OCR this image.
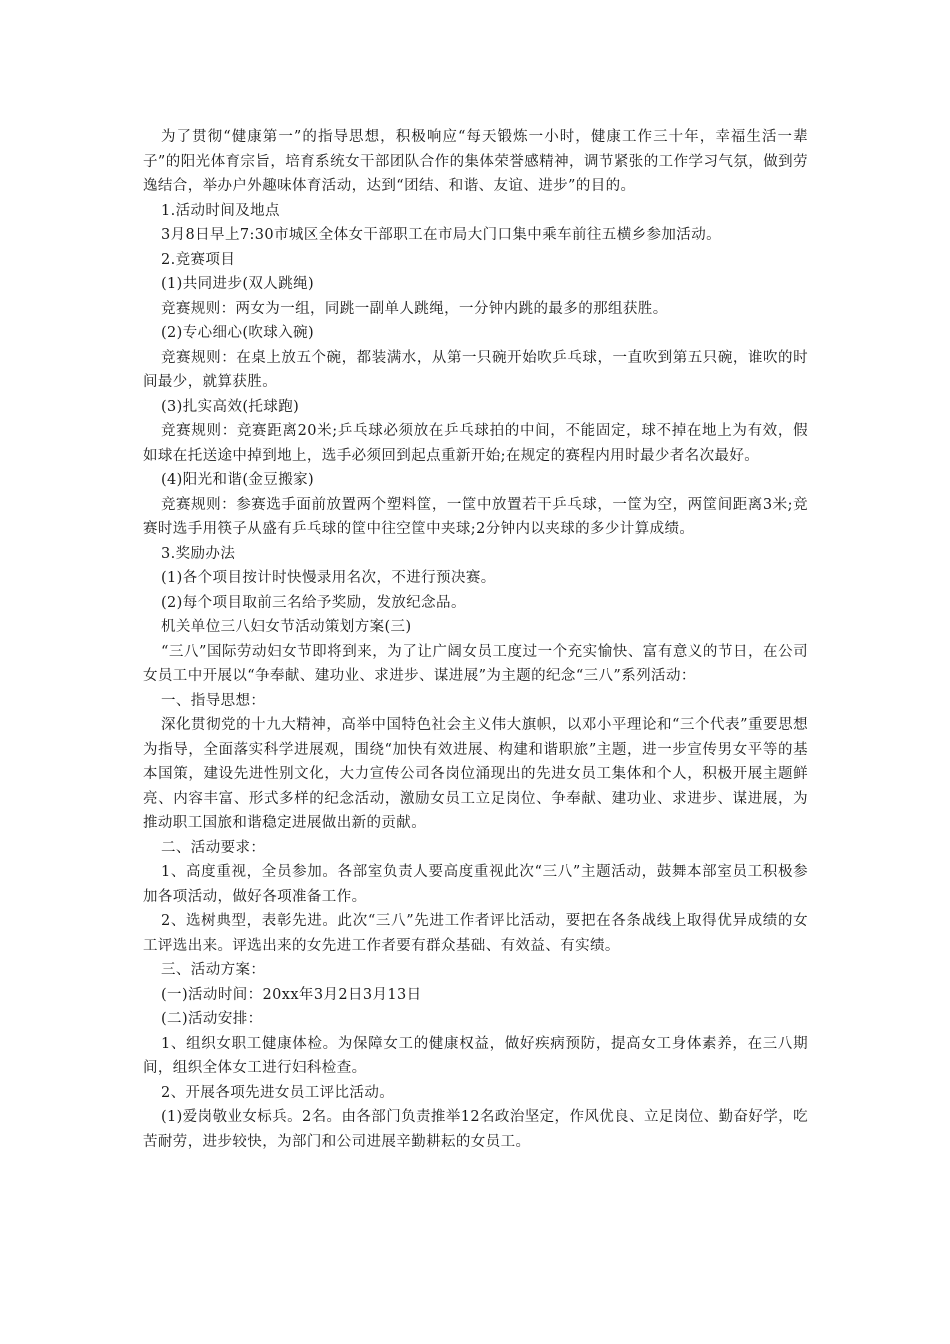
为了贯彻“健康第一”的指导思想，积极响应“每天锻炼一小时，健康工作三十年，幸福生活一辈子”的阳光体育宗旨，培育系统女干部团队合作的集体荣誉感精神，调节紧张的工作学习气氛，做到劳逸结合，举办户外趣味体育活动，达到“团结、和谐、友谊、进步”的目的。

1.活动时间及地点

3月8日早上7:30市城区全体女干部职工在市局大门口集中乘车前往五横乡参加活动。

2.竞赛项目

(1)共同进步(双人跳绳)

竞赛规则：两女为一组，同跳一副单人跳绳，一分钟内跳的最多的那组获胜。

(2)专心细心(吹球入碗)

竞赛规则：在桌上放五个碗，都装满水，从第一只碗开始吹乒乓球，一直吹到第五只碗，谁吹的时间最少，就算获胜。

(3)扎实高效(托球跑)

竞赛规则：竞赛距离20米;乒乓球必须放在乒乓球拍的中间，不能固定，球不掉在地上为有效，假如球在托送途中掉到地上，选手必须回到起点重新开始;在规定的赛程内用时最少者名次最好。

(4)阳光和谐(金豆搬家)

竞赛规则：参赛选手面前放置两个塑料筐，一筐中放置若干乒乓球，一筐为空，两筐间距离3米;竞赛时选手用筷子从盛有乒乓球的筐中往空筐中夹球;2分钟内以夹球的多少计算成绩。

3.奖励办法

(1)各个项目按计时快慢录用名次，不进行预决赛。

(2)每个项目取前三名给予奖励，发放纪念品。

机关单位三八妇女节活动策划方案(三)

“三八”国际劳动妇女节即将到来，为了让广阔女员工度过一个充实愉快、富有意义的节日，在公司女员工中开展以“争奉献、建功业、求进步、谋进展”为主题的纪念“三八”系列活动：

一、指导思想：

深化贯彻党的十九大精神，高举中国特色社会主义伟大旗帜，以邓小平理论和“三个代表”重要思想为指导，全面落实科学进展观，围绕“加快有效进展、构建和谐职旅”主题，进一步宣传男女平等的基本国策，建设先进性别文化，大力宣传公司各岗位涌现出的先进女员工集体和个人，积极开展主题鲜亮、内容丰富、形式多样的纪念活动，激励女员工立足岗位、争奉献、建功业、求进步、谋进展，为推动职工国旅和谐稳定进展做出新的贡献。

二、活动要求：

1、高度重视，全员参加。各部室负责人要高度重视此次“三八”主题活动，鼓舞本部室员工积极参加各项活动，做好各项准备工作。

2、选树典型，表彰先进。此次“三八”先进工作者评比活动，要把在各条战线上取得优异成绩的女工评选出来。评选出来的女先进工作者要有群众基础、有效益、有实绩。

三、活动方案：

(一)活动时间：20xx年3月2日3月13日

(二)活动安排：

1、组织女职工健康体检。为保障女工的健康权益，做好疾病预防，提高女工身体素养，在三八期间，组织全体女工进行妇科检查。

2、开展各项先进女员工评比活动。

(1)爱岗敬业女标兵。2名。由各部门负责推举12名政治坚定，作风优良、立足岗位、勤奋好学，吃苦耐劳，进步较快，为部门和公司进展辛勤耕耘的女员工。
